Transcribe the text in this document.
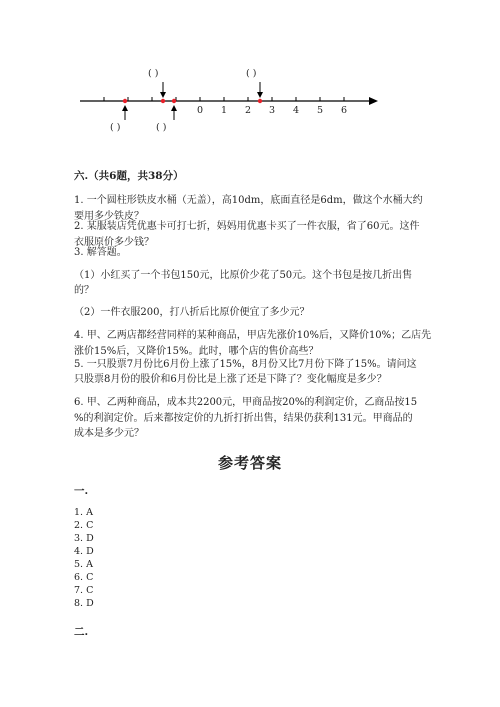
0 1 2 3 4 5 6
( )	( )
( )	( )
六.（共6题，共38分）
1. 一个圆柱形铁皮水桶（无盖），高10dm，底面直径是6dm，做这个水桶大约
要用多少铁皮？
2. 某服装店凭优惠卡可打七折，妈妈用优惠卡买了一件衣服，省了60元。这件
衣服原价多少钱？
3. 解答题。
（1）小红买了一个书包150元，比原价少花了50元。这个书包是按几折出售
的？
（2）一件衣服200，打八折后比原价便宜了多少元？
4. 甲、乙两店都经营同样的某种商品，甲店先涨价10%后，又降价10%；乙店先
涨价15%后，又降价15%。此时，哪个店的售价高些？
5. 一只股票7月份比6月份上涨了15%，8月份又比7月份下降了15%。请问这
只股票8月份的股价和6月份比是上涨了还是下降了？变化幅度是多少？
6. 甲、乙两种商品，成本共2200元，甲商品按20%的利润定价，乙商品按15
%的利润定价。后来都按定价的九折打折出售，结果仍获利131元。甲商品的
成本是多少元？
参考答案
一.
1. A
2. C
3. D
4. D
5. A
6. C
7. C
8. D
二.
